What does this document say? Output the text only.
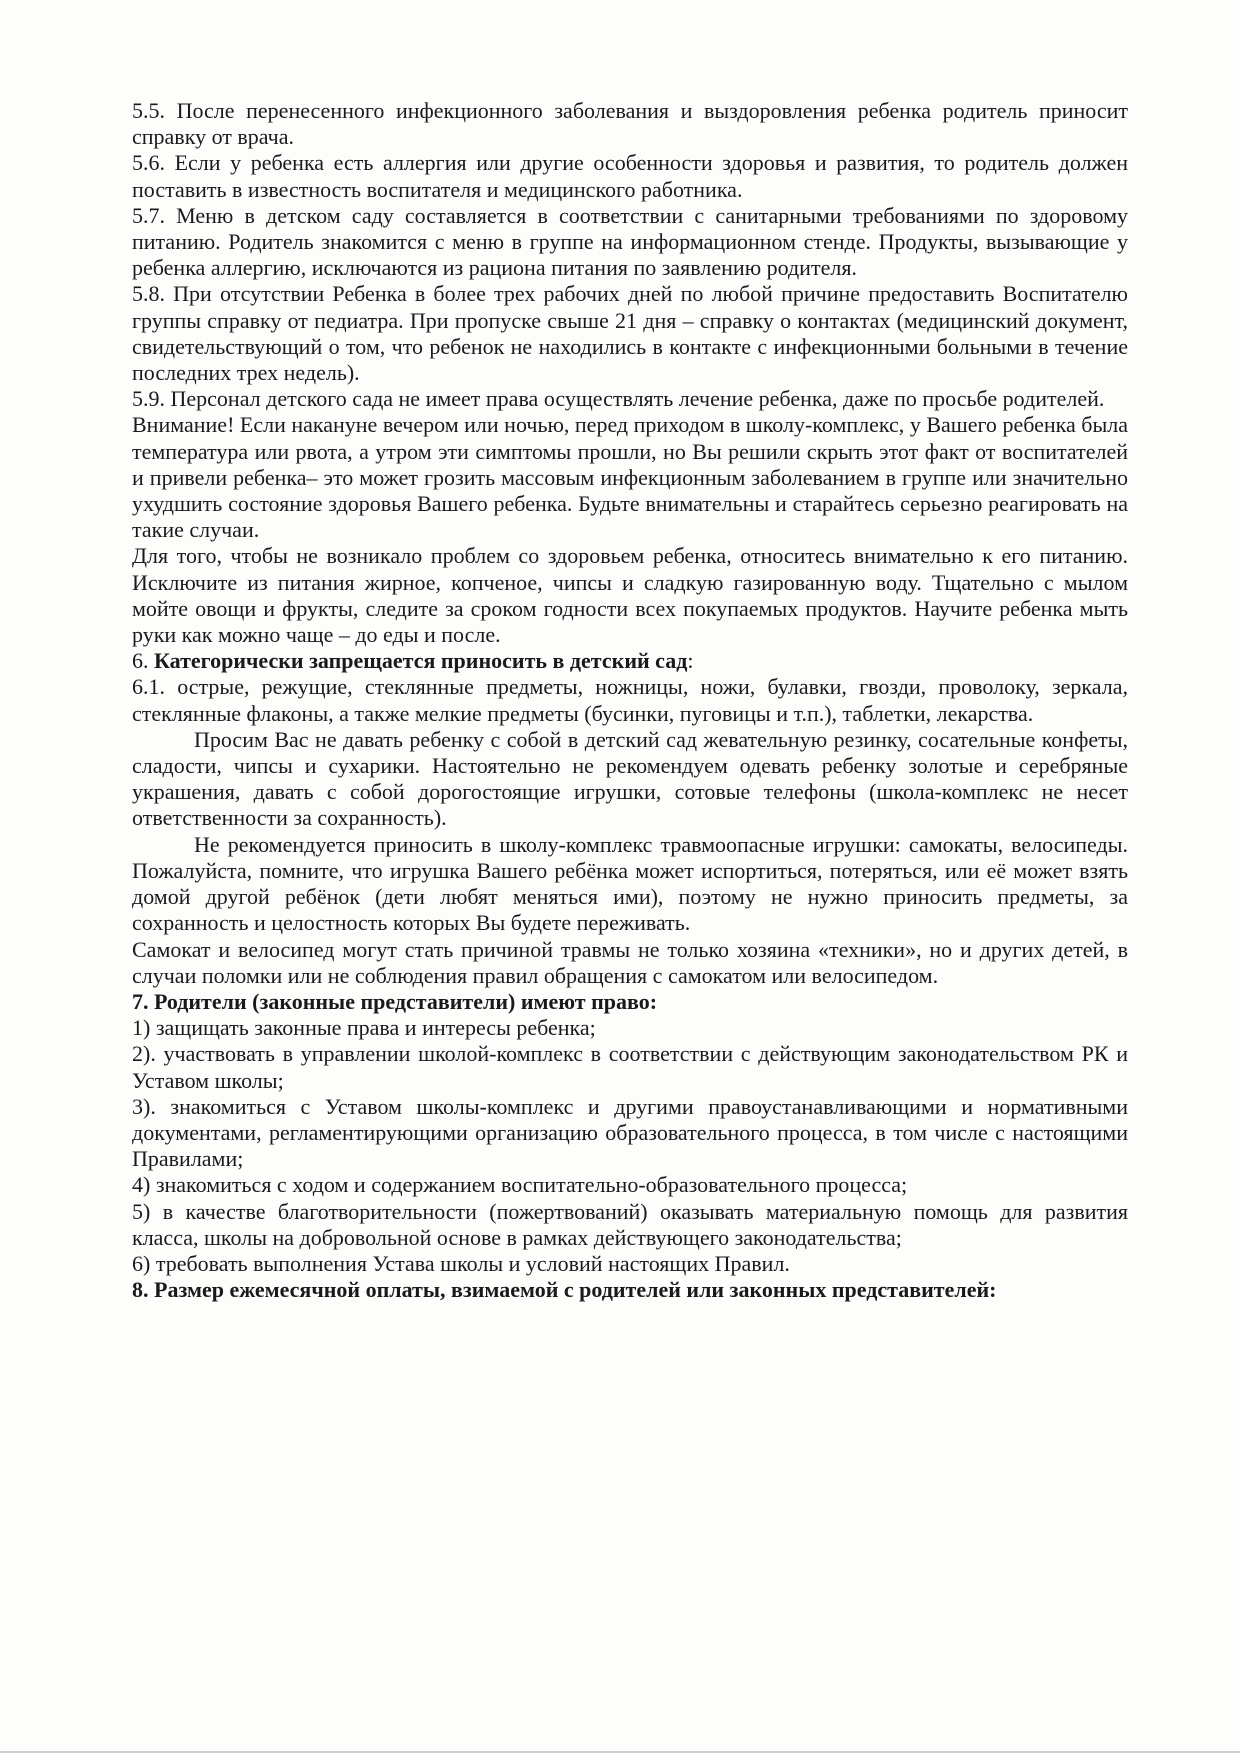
5.5. После перенесенного инфекционного заболевания и выздоровления ребенка родитель приносит справку от врача.

5.6. Если у ребенка есть аллергия или другие особенности здоровья и развития, то родитель должен поставить в известность воспитателя и медицинского работника.

5.7. Меню в детском саду составляется в соответствии с санитарными требованиями по здоровому питанию. Родитель знакомится с меню в группе на информационном стенде. Продукты, вызывающие у ребенка аллергию, исключаются из рациона питания по заявлению родителя.

5.8. При отсутствии Ребенка в более трех рабочих дней по любой причине предоставить Воспитателю группы справку от педиатра. При пропуске свыше 21 дня – справку о контактах (медицинский документ, свидетельствующий о том, что ребенок не находились в контакте с инфекционными больными в течение последних трех недель).

5.9. Персонал детского сада не имеет права осуществлять лечение ребенка, даже по просьбе родителей.

Внимание! Если накануне вечером или ночью, перед приходом в школу-комплекс, у Вашего ребенка была температура или рвота, а утром эти симптомы прошли, но Вы решили скрыть этот факт от воспитателей и привели ребенка– это может грозить массовым инфекционным заболеванием в группе или значительно ухудшить состояние здоровья Вашего ребенка. Будьте внимательны и старайтесь серьезно реагировать на такие случаи.

Для того, чтобы не возникало проблем со здоровьем ребенка, относитесь внимательно к его питанию. Исключите из питания жирное, копченое, чипсы и сладкую газированную воду. Тщательно с мылом мойте овощи и фрукты, следите за сроком годности всех покупаемых продуктов. Научите ребенка мыть руки как можно чаще – до еды и после.

6. Категорически запрещается приносить в детский сад:

6.1. острые, режущие, стеклянные предметы, ножницы, ножи, булавки, гвозди, проволоку, зеркала, стеклянные флаконы, а также мелкие предметы (бусинки, пуговицы и т.п.), таблетки, лекарства.

Просим Вас не давать ребенку с собой в детский сад жевательную резинку, сосательные конфеты, сладости, чипсы и сухарики. Настоятельно не рекомендуем одевать ребенку золотые и серебряные украшения, давать с собой дорогостоящие игрушки, сотовые телефоны (школа-комплекс не несет ответственности за сохранность).

Не рекомендуется приносить в школу-комплекс травмоопасные игрушки: самокаты, велосипеды. Пожалуйста, помните, что игрушка Вашего ребёнка может испортиться, потеряться, или её может взять домой другой ребёнок (дети любят меняться ими), поэтому не нужно приносить предметы, за сохранность и целостность которых Вы будете переживать.

Самокат и велосипед могут стать причиной травмы не только хозяина «техники», но и других детей, в случаи поломки или не соблюдения правил обращения с самокатом или велосипедом.

7. Родители (законные представители) имеют право:

1) защищать законные права и интересы ребенка;

2). участвовать в управлении школой-комплекс в соответствии с действующим законодательством РК и Уставом школы;

3). знакомиться с Уставом школы-комплекс и другими правоустанавливающими и нормативными документами, регламентирующими организацию образовательного процесса, в том числе с настоящими Правилами;

4) знакомиться с ходом и содержанием воспитательно-образовательного процесса;

5) в качестве благотворительности (пожертвований) оказывать материальную помощь для развития класса, школы на добровольной основе в рамках действующего законодательства;

6) требовать выполнения Устава школы и условий настоящих Правил.

8. Размер ежемесячной оплаты, взимаемой с родителей или законных представителей:
